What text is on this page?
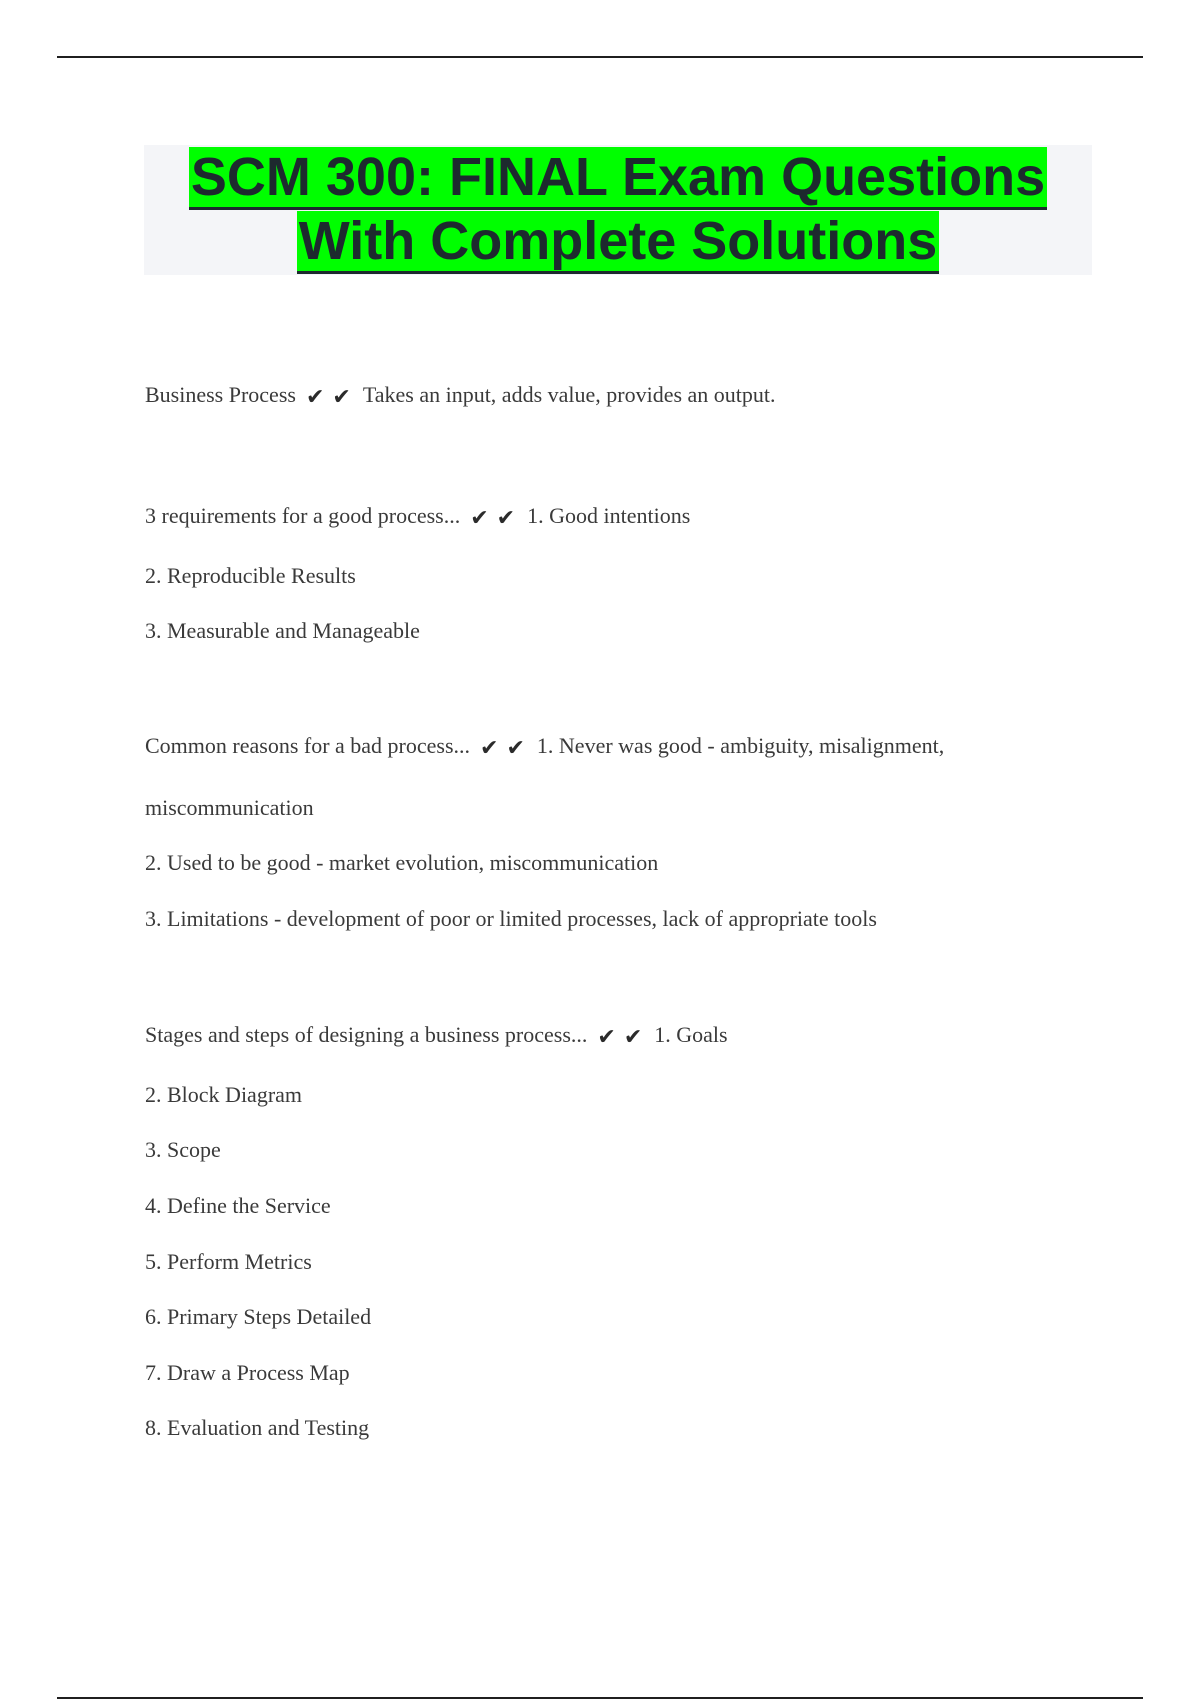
SCM 300: FINAL Exam Questions
With Complete Solutions
Business Process ✔✔ Takes an input, adds value, provides an output.
3 requirements for a good process... ✔✔ 1. Good intentions
2. Reproducible Results
3. Measurable and Manageable
Common reasons for a bad process... ✔✔ 1. Never was good - ambiguity, misalignment,
miscommunication
2. Used to be good - market evolution, miscommunication
3. Limitations - development of poor or limited processes, lack of appropriate tools
Stages and steps of designing a business process... ✔✔ 1. Goals
2. Block Diagram
3. Scope
4. Define the Service
5. Perform Metrics
6. Primary Steps Detailed
7. Draw a Process Map
8. Evaluation and Testing
